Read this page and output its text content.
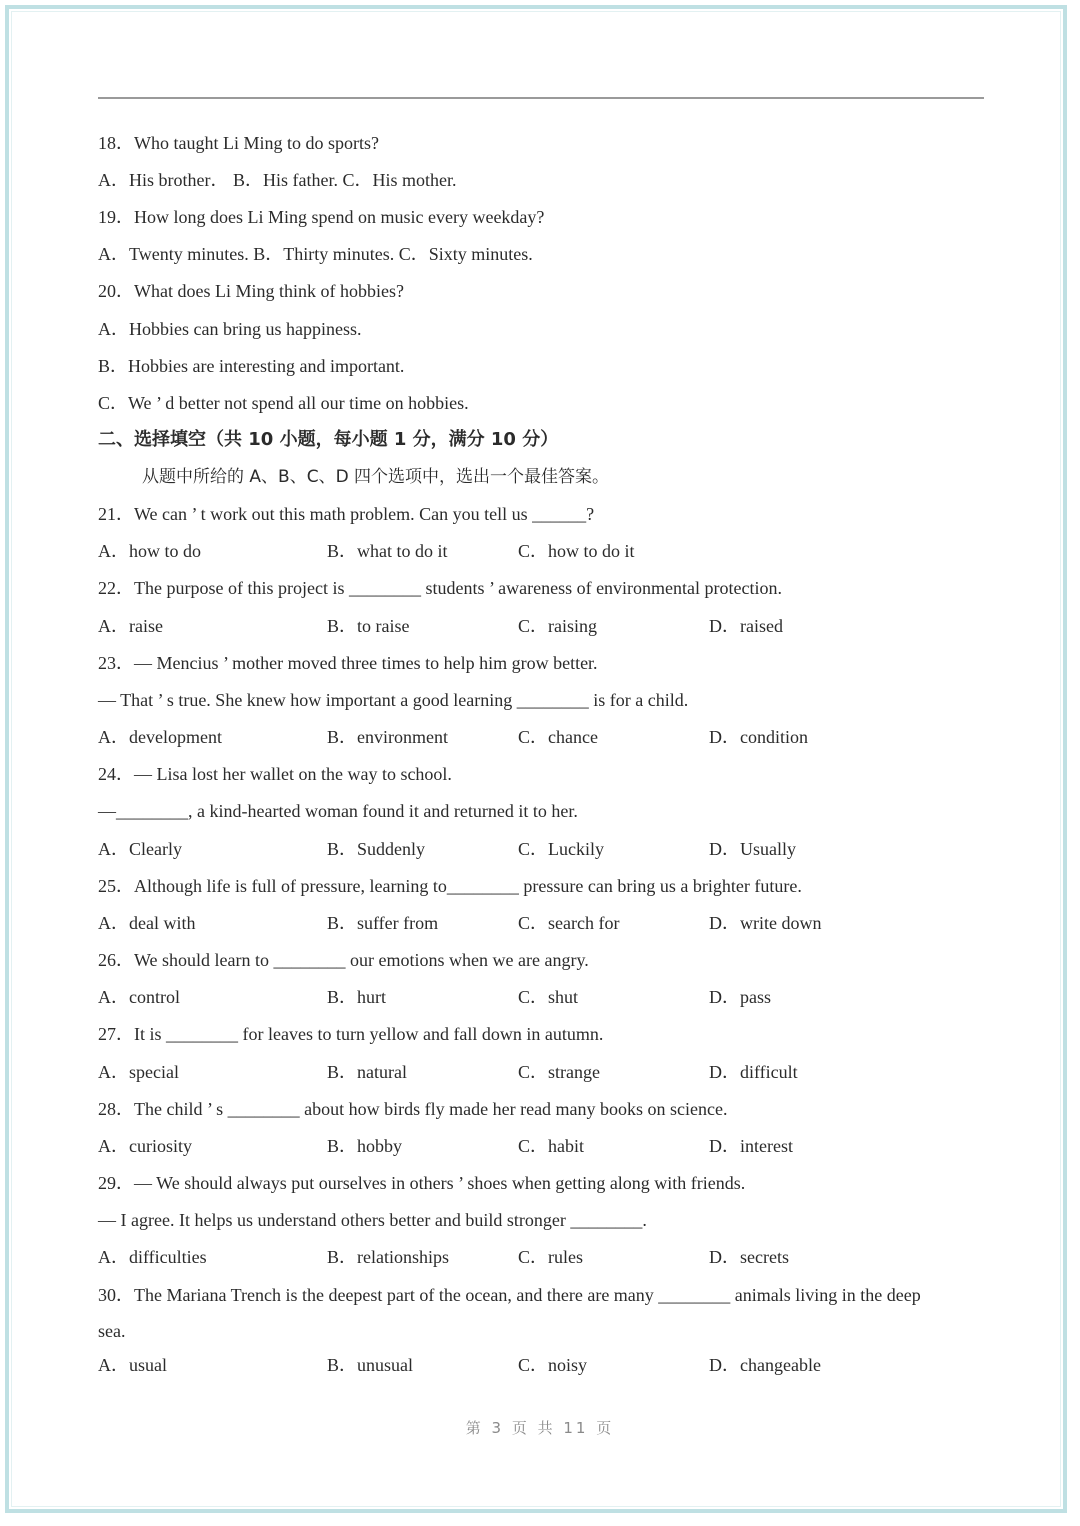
18．Who taught Li Ming to do sports?
A．His brother． B．His father. C．His mother.
19．How long does Li Ming spend on music every weekday?
A．Twenty minutes. B．Thirty minutes. C．Sixty minutes.
20．What does Li Ming think of hobbies?
A．Hobbies can bring us happiness.
B．Hobbies are interesting and important.
C．We ’ d better not spend all our time on hobbies.
二、选择填空（共 10 小题，每小题 1 分，满分 10 分）
从题中所给的 A、B、C、D 四个选项中，选出一个最佳答案。
21．We can ’ t work out this math problem. Can you tell us ______?
A．how to do	B．what to do it	C．how to do it
22．The purpose of this project is ________ students ’ awareness of environmental protection.
A．raise	B．to raise	C．raising	D．raised
23．— Mencius ’ mother moved three times to help him grow better.
— That ’ s true. She knew how important a good learning ________ is for a child.
A．development	B．environment	C．chance	D．condition
24．— Lisa lost her wallet on the way to school.
—________, a kind-hearted woman found it and returned it to her.
A．Clearly	B．Suddenly	C．Luckily	D．Usually
25．Although life is full of pressure, learning to________ pressure can bring us a brighter future.
A．deal with	B．suffer from	C．search for	D．write down
26．We should learn to ________ our emotions when we are angry.
A．control	B．hurt	C．shut	D．pass
27．It is ________ for leaves to turn yellow and fall down in autumn.
A．special	B．natural	C．strange	D．difficult
28．The child ’ s ________ about how birds fly made her read many books on science.
A．curiosity	B．hobby	C．habit	D．interest
29．— We should always put ourselves in others ’ shoes when getting along with friends.
— I agree. It helps us understand others better and build stronger ________.
A．difficulties	B．relationships	C．rules	D．secrets
30．The Mariana Trench is the deepest part of the ocean, and there are many ________ animals living in the deep
sea.
A．usual	B．unusual	C．noisy	D．changeable
第 3 页 共 11 页
